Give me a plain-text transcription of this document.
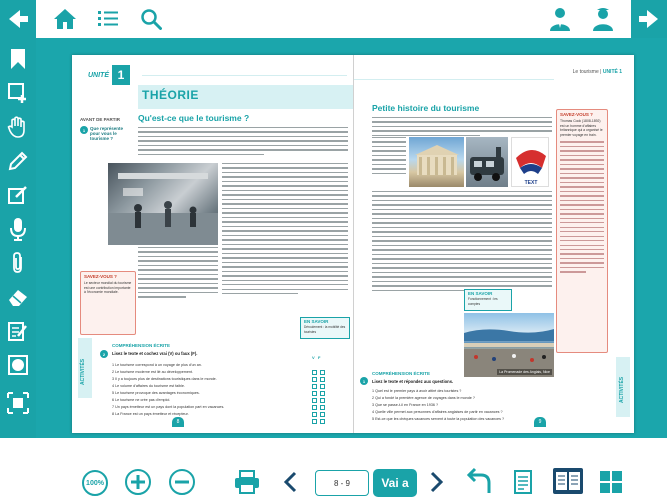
UNITÉ 1
THÉORIE
AVANT DE PARTIR
1	Que représente pour vous le tourisme ?
Qu'est-ce que le tourisme ?
SAVEZ-VOUS ?
Le secteur mondial du tourisme est une contribution importante à l'économie mondiale.
EN SAVOIR
Déroulement : la mobilité des touristes
ACTIVITÉS
COMPRÉHENSION ÉCRITE
2	Lisez le texte et cochez vrai (V) ou faux (F).
1 Le tourisme correspond à un voyage de plus d'un an.
2 Le tourisme moderne est lié au développement.
3 Il y a toujours plus de destinations touristiques dans le monde.
4 Le volume d'affaires du tourisme est faible.
5 Le tourisme provoque des avantages économiques.
6 Le tourisme ne crée pas d'emploi.
7 Un pays émetteur est un pays dont la population part en vacances.
8 La France est un pays émetteur et récepteur.
V F
8
Le tourisme | UNITÉ 1
Petite histoire du tourisme
TEXT
SAVEZ-VOUS ?
Thomas Cook (1808-1892) est un homme d'affaires britannique qui a organisé le premier voyage en train.
EN SAVOIR
Fonctionnement : les comptes
La Promenade des Anglais, Nice
ACTIVITÉS
COMPRÉHENSION ÉCRITE
1	Lisez le texte et répondez aux questions.
1 Quel est le premier pays à avoir attiré des touristes ?
2 Qui a fondé la première agence de voyages dans le monde ?
3 Que se passe-t-il en France en 1936 ?
4 Quelle ville permet aux personnes d'affaires anglaises de partir en vacances ?
5 Est-ce que les chèques vacances servent à toute la population des vacances ?	9
100%	8 - 9	Vai a
